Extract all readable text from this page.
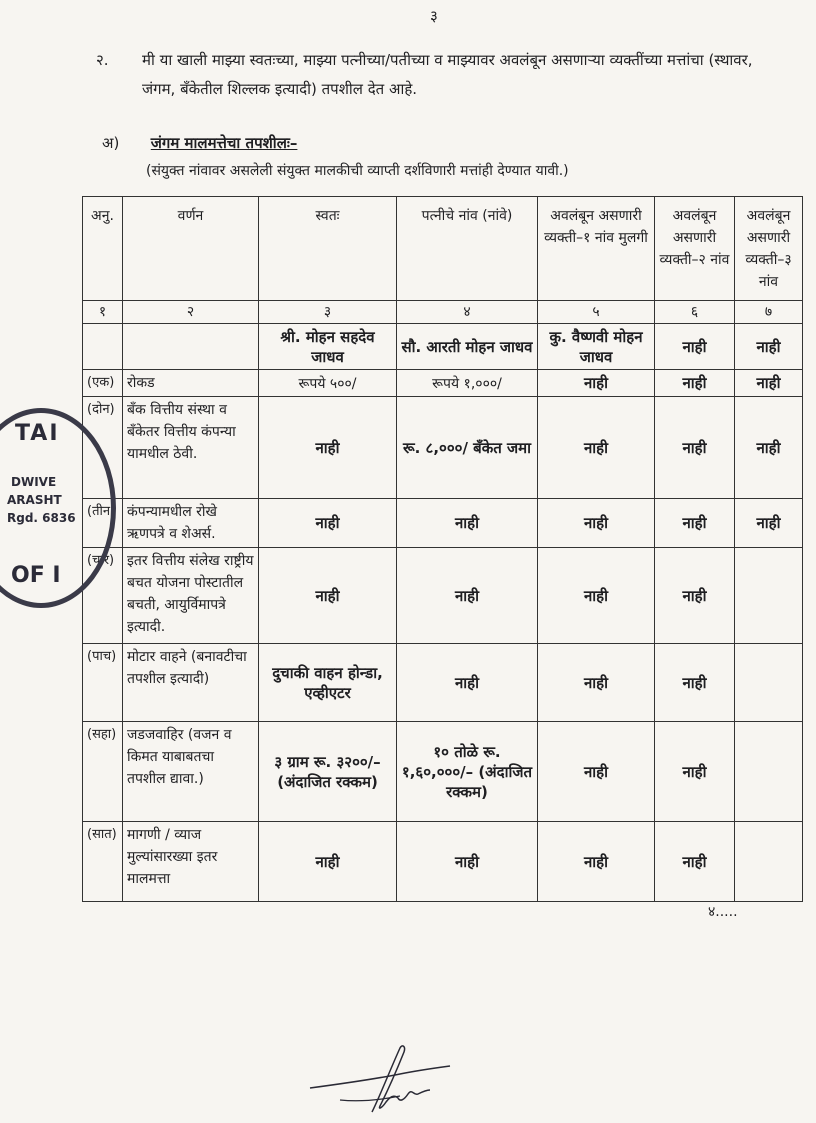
३
२. मी या खाली माझ्या स्वतःच्या, माझ्या पत्नीच्या/पतीच्या व माझ्यावर अवलंबून असणाऱ्या व्यक्तींच्या मत्तांचा (स्थावर, जंगम, बँकेतील शिल्लक इत्यादी) तपशील देत आहे.
अ) जंगम मालमत्तेचा तपशीलः–
(संयुक्त नांवावर असलेली संयुक्त मालकीची व्याप्ती दर्शविणारी मत्तांही देण्यात यावी.)
अनु.	वर्णन	स्वतः	पत्नीचे नांव (नांवे)	अवलंबून असणारी व्यक्ती–१ नांव मुलगी	अवलंबून असणारी व्यक्ती–२ नांव	अवलंबून असणारी व्यक्ती–३ नांव
१	२	३	४	५	६	७
		श्री. मोहन सहदेव जाधव	सौ. आरती मोहन जाधव	कु. वैष्णवी मोहन जाधव	नाही	नाही
(एक)	रोकड	रूपये ५००/	रूपये १,०००/	नाही	नाही	नाही
(दोन)	बँक वित्तीय संस्था व बँकेतर वित्तीय कंपन्या यामधील ठेवी.	नाही	रू. ८,०००/ बँकेत जमा	नाही	नाही	नाही
(तीन)	कंपन्यामधील रोखे ऋणपत्रे व शेअर्स.	नाही	नाही	नाही	नाही	नाही
(चार)	इतर वित्तीय संलेख राष्ट्रीय बचत योजना पोस्टातील बचती, आयुर्विमापत्रे इत्यादी.	नाही	नाही	नाही	नाही	
(पाच)	मोटार वाहने (बनावटीचा तपशील इत्यादी)	दुचाकी वाहन होन्डा, एव्हीएटर	नाही	नाही	नाही	
(सहा)	जडजवाहिर (वजन व किमत याबाबतचा तपशील द्यावा.)	३ ग्राम रू. ३२००/– (अंदाजित रक्कम)	१० तोळे रू. १,६०,०००/– (अंदाजित रक्कम)	नाही	नाही	
(सात)	मागणी / व्याज मुल्यांसारख्या इतर मालमत्ता	नाही	नाही	नाही	नाही	
TAI
DWIVE
ARASHT
Rgd. 6836
OF I
४.....
